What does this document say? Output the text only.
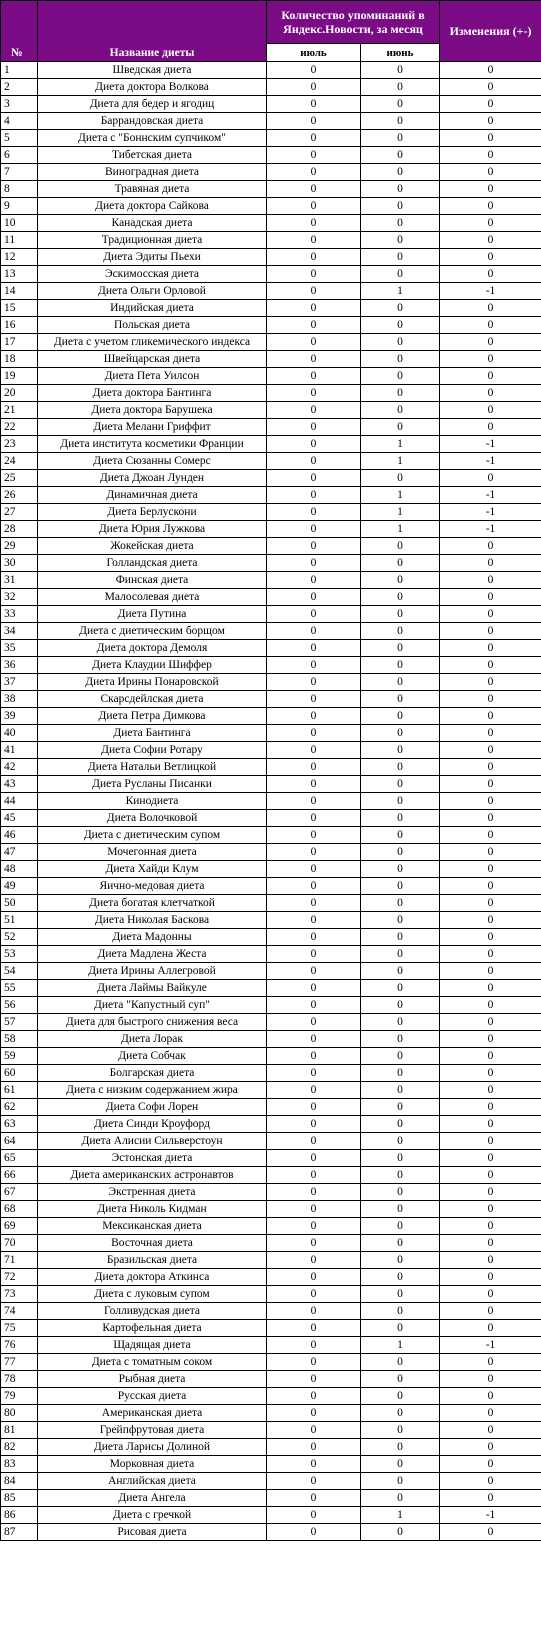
№	Название диеты	Количество упоминаний в Яндекс.Новости, за месяц		Изменения (+-)
		июль	июнь	
1	Шведская диета	0	0	0
2	Диета доктора Волкова	0	0	0
3	Диета для бедер и ягодиц	0	0	0
4	Баррандовская диета	0	0	0
5	Диета с "Боннским супчиком"	0	0	0
6	Тибетская диета	0	0	0
7	Виноградная диета	0	0	0
8	Травяная диета	0	0	0
9	Диета доктора Сайкова	0	0	0
10	Канадская диета	0	0	0
11	Традиционная диета	0	0	0
12	Диета Эдиты Пьехи	0	0	0
13	Эскимосская диета	0	0	0
14	Диета Ольги Орловой	0	1	-1
15	Индийская диета	0	0	0
16	Польская диета	0	0	0
17	Диета с учетом гликемического индекса	0	0	0
18	Швейцарская диета	0	0	0
19	Диета Пета Уилсон	0	0	0
20	Диета доктора Бантинга	0	0	0
21	Диета доктора Барушека	0	0	0
22	Диета Мелани Гриффит	0	0	0
23	Диета института косметики Франции	0	1	-1
24	Диета Сюзанны Сомерс	0	1	-1
25	Диета Джоан Лунден	0	0	0
26	Динамичная диета	0	1	-1
27	Диета Берлускони	0	1	-1
28	Диета Юрия Лужкова	0	1	-1
29	Жокейская диета	0	0	0
30	Голландская диета	0	0	0
31	Финская диета	0	0	0
32	Малосолевая диета	0	0	0
33	Диета Путина	0	0	0
34	Диета с диетическим борщом	0	0	0
35	Диета доктора Демоля	0	0	0
36	Диета Клаудии Шиффер	0	0	0
37	Диета Ирины Понаровской	0	0	0
38	Скарсдейлская диета	0	0	0
39	Диета Петра Димкова	0	0	0
40	Диета Бантинга	0	0	0
41	Диета Софии Ротару	0	0	0
42	Диета Натальи Ветлицкой	0	0	0
43	Диета Русланы Писанки	0	0	0
44	Кинодиета	0	0	0
45	Диета Волочковой	0	0	0
46	Диета с диетическим супом	0	0	0
47	Мочегонная диета	0	0	0
48	Диета Хайди Клум	0	0	0
49	Яично-медовая диета	0	0	0
50	Диета богатая клетчаткой	0	0	0
51	Диета Николая Баскова	0	0	0
52	Диета Мадонны	0	0	0
53	Диета Мадлена Жеста	0	0	0
54	Диета Ирины Аллегровой	0	0	0
55	Диета Лаймы Вайкуле	0	0	0
56	Диета "Капустный суп"	0	0	0
57	Диета для быстрого снижения веса	0	0	0
58	Диета Лорак	0	0	0
59	Диета Собчак	0	0	0
60	Болгарская диета	0	0	0
61	Диета с низким содержанием жира	0	0	0
62	Диета Софи Лорен	0	0	0
63	Диета Синди Кроуфорд	0	0	0
64	Диета Алисии Сильверстоун	0	0	0
65	Эстонская диета	0	0	0
66	Диета американских астронавтов	0	0	0
67	Экстренная диета	0	0	0
68	Диета Николь Кидман	0	0	0
69	Мексиканская диета	0	0	0
70	Восточная диета	0	0	0
71	Бразильская диета	0	0	0
72	Диета доктора Аткинса	0	0	0
73	Диета с луковым супом	0	0	0
74	Голливудская диета	0	0	0
75	Картофельная диета	0	0	0
76	Щадящая диета	0	1	-1
77	Диета с томатным соком	0	0	0
78	Рыбная диета	0	0	0
79	Русская диета	0	0	0
80	Американская диета	0	0	0
81	Грейпфрутовая диета	0	0	0
82	Диета Ларисы Долиной	0	0	0
83	Морковная диета	0	0	0
84	Английская диета	0	0	0
85	Диета Ангела	0	0	0
86	Диета с гречкой	0	1	-1
87	Рисовая диета	0	0	0
